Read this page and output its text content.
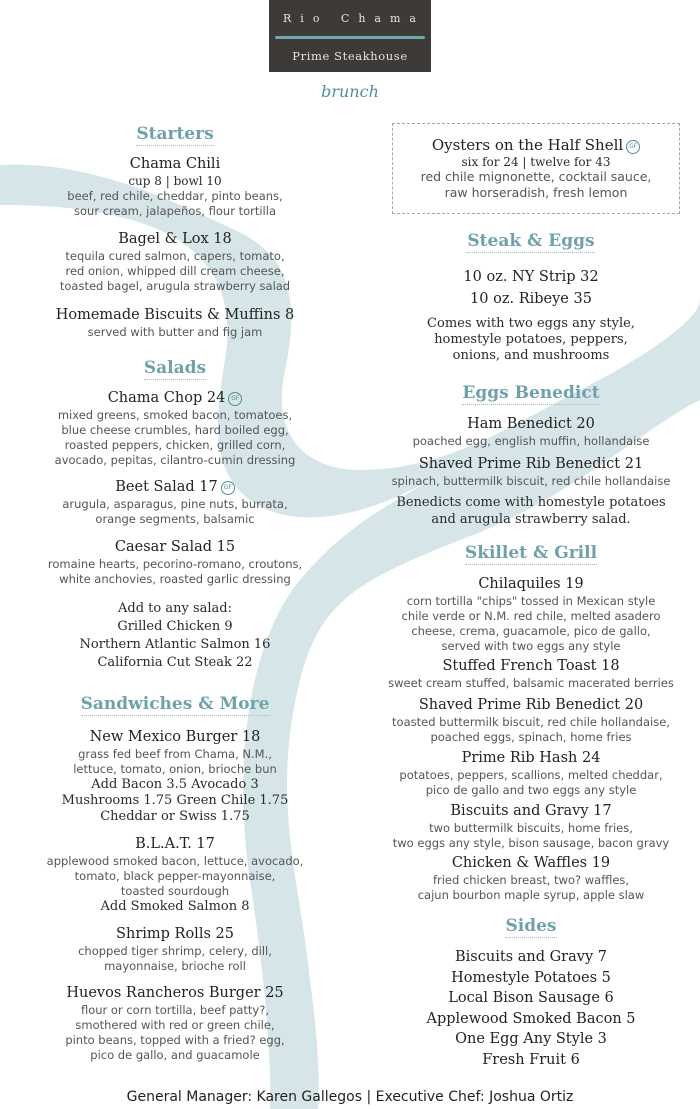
Rio Chama
Prime Steakhouse
brunch
Starters
Chama Chili
cup 8 | bowl 10
beef, red chile, cheddar, pinto beans,
sour cream, jalapeños, flour tortilla
Bagel & Lox 18
tequila cured salmon, capers, tomato,
red onion, whipped dill cream cheese,
toasted bagel, arugula strawberry salad
Homemade Biscuits & Muffins 8
served with butter and fig jam
Salads
Chama Chop 24 GF
mixed greens, smoked bacon, tomatoes,
blue cheese crumbles, hard boiled egg,
roasted peppers, chicken, grilled corn,
avocado, pepitas, cilantro-cumin dressing
Beet Salad 17 GF
arugula, asparagus, pine nuts, burrata,
orange segments, balsamic
Caesar Salad 15
romaine hearts, pecorino-romano, croutons,
white anchovies, roasted garlic dressing
Add to any salad:
Grilled Chicken 9
Northern Atlantic Salmon 16
California Cut Steak 22
Sandwiches & More
New Mexico Burger 18
grass fed beef from Chama, N.M.,
lettuce, tomato, onion, brioche bun
Add Bacon 3.5 Avocado 3
Mushrooms 1.75 Green Chile 1.75
Cheddar or Swiss 1.75
B.L.A.T. 17
applewood smoked bacon, lettuce, avocado,
tomato, black pepper-mayonnaise,
toasted sourdough
Add Smoked Salmon 8
Shrimp Rolls 25
chopped tiger shrimp, celery, dill,
mayonnaise, brioche roll
Huevos Rancheros Burger 25
flour or corn tortilla, beef patty?,
smothered with red or green chile,
pinto beans, topped with a fried? egg,
pico de gallo, and guacamole
Oysters on the Half Shell GF
six for 24 | twelve for 43
red chile mignonette, cocktail sauce,
raw horseradish, fresh lemon
Steak & Eggs
10 oz. NY Strip 32
10 oz. Ribeye 35
Comes with two eggs any style,
homestyle potatoes, peppers,
onions, and mushrooms
Eggs Benedict
Ham Benedict 20
poached egg, english muffin, hollandaise
Shaved Prime Rib Benedict 21
spinach, buttermilk biscuit, red chile hollandaise
Benedicts come with homestyle potatoes
and arugula strawberry salad.
Skillet & Grill
Chilaquiles 19
corn tortilla "chips" tossed in Mexican style
chile verde or N.M. red chile, melted asadero
cheese, crema, guacamole, pico de gallo,
served with two eggs any style
Stuffed French Toast 18
sweet cream stuffed, balsamic macerated berries
Shaved Prime Rib Benedict 20
toasted buttermilk biscuit, red chile hollandaise,
poached eggs, spinach, home fries
Prime Rib Hash 24
potatoes, peppers, scallions, melted cheddar,
pico de gallo and two eggs any style
Biscuits and Gravy 17
two buttermilk biscuits, home fries,
two eggs any style, bison sausage, bacon gravy
Chicken & Waffles 19
fried chicken breast, two? waffles,
cajun bourbon maple syrup, apple slaw
Sides
Biscuits and Gravy 7
Homestyle Potatoes 5
Local Bison Sausage 6
Applewood Smoked Bacon 5
One Egg Any Style 3
Fresh Fruit 6
General Manager: Karen Gallegos | Executive Chef: Joshua Ortiz
